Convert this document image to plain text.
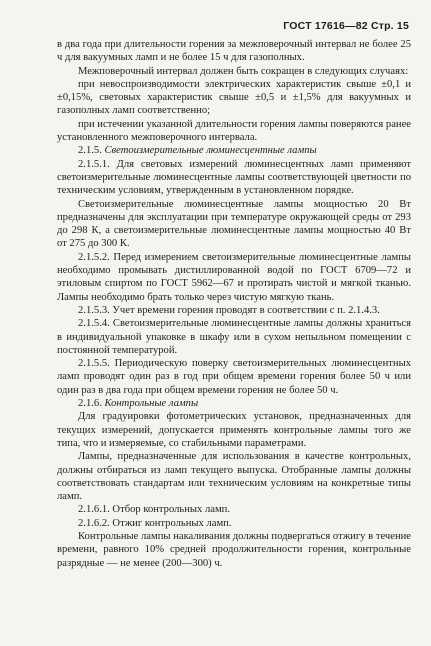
ГОСТ 17616—82 Стр. 15

в два года при длительности горения за межповерочный интервал не более 25 ч для вакуумных ламп и не более 15 ч для газополных.

Межповерочный интервал должен быть сокращен в следующих случаях:

при невоспроизводимости электрических характеристик свыше ±0,1 и ±0,15%, световых характеристик свыше ±0,5 и ±1,5% для вакуумных и газополных ламп соответственно;

при истечении указанной длительности горения лампы поверяются ранее установленного межповерочного интервала.

2.1.5. Светоизмерительные люминесцентные лампы

2.1.5.1. Для световых измерений люминесцентных ламп применяют светоизмерительные люминесцентные лампы соответствующей цветности по техническим условиям, утвержденным в установленном порядке.

Светоизмерительные люминесцентные лампы мощностью 20 Вт предназначены для эксплуатации при температуре окружающей среды от 293 до 298 К, а светоизмерительные люминесцентные лампы мощностью 40 Вт от 275 до 300 К.

2.1.5.2. Перед измерением светоизмерительные люминесцентные лампы необходимо промывать дистиллированной водой по ГОСТ 6709—72 и этиловым спиртом по ГОСТ 5962—67 и протирать чистой и мягкой тканью. Лампы необходимо брать только через чистую мягкую ткань.

2.1.5.3. Учет времени горения проводят в соответствии с п. 2.1.4.3.

2.1.5.4. Светоизмерительные люминесцентные лампы должны храниться в индивидуальной упаковке в шкафу или в сухом непыльном помещении с постоянной температурой.

2.1.5.5. Периодическую поверку светоизмерительных люминесцентных ламп проводят один раз в год при общем времени горения более 50 ч или один раз в два года при общем времени горения не более 50 ч.

2.1.6. Контрольные лампы

Для градуировки фотометрических установок, предназначенных для текущих измерений, допускается применять контрольные лампы того же типа, что и измеряемые, со стабильными параметрами.

Лампы, предназначенные для использования в качестве контрольных, должны отбираться из ламп текущего выпуска. Отобранные лампы должны соответствовать стандартам или техническим условиям на конкретные типы ламп.

2.1.6.1. Отбор контрольных ламп.

2.1.6.2. Отжиг контрольных ламп.

Контрольные лампы накаливания должны подвергаться отжигу в течение времени, равного 10% средней продолжительности горения, контрольные разрядные — не менее (200—300) ч.
